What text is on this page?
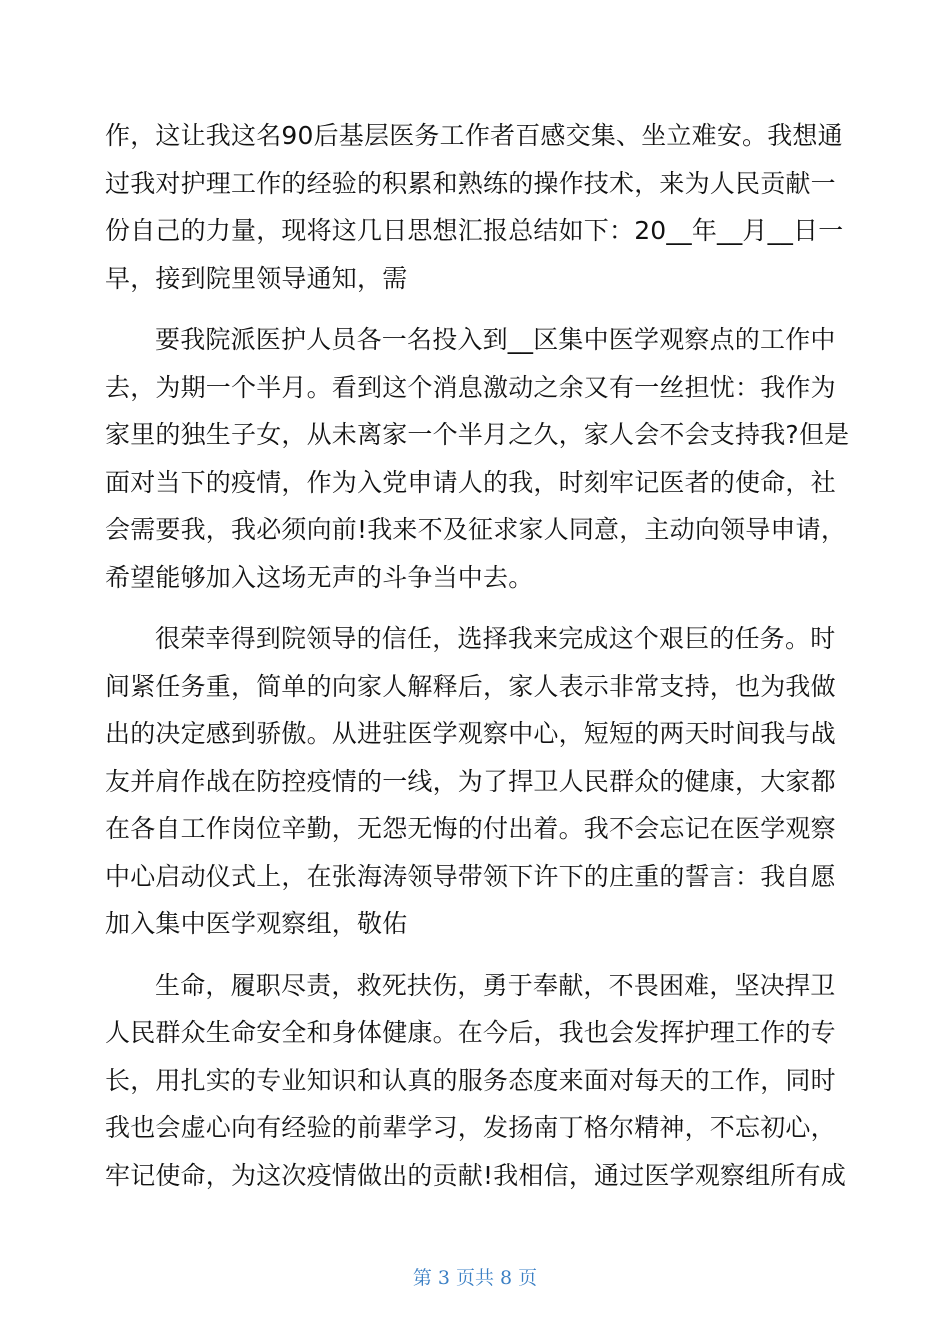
作，这让我这名90后基层医务工作者百感交集、坐立难安。我想通
过我对护理工作的经验的积累和熟练的操作技术，来为人民贡献一
份自己的力量，现将这几日思想汇报总结如下：20__年__月__日一
早，接到院里领导通知，需
要我院派医护人员各一名投入到__区集中医学观察点的工作中
去，为期一个半月。看到这个消息激动之余又有一丝担忧：我作为
家里的独生子女，从未离家一个半月之久，家人会不会支持我?但是
面对当下的疫情，作为入党申请人的我，时刻牢记医者的使命，社
会需要我，我必须向前!我来不及征求家人同意，主动向领导申请，
希望能够加入这场无声的斗争当中去。
很荣幸得到院领导的信任，选择我来完成这个艰巨的任务。时
间紧任务重，简单的向家人解释后，家人表示非常支持，也为我做
出的决定感到骄傲。从进驻医学观察中心，短短的两天时间我与战
友并肩作战在防控疫情的一线，为了捍卫人民群众的健康，大家都
在各自工作岗位辛勤，无怨无悔的付出着。我不会忘记在医学观察
中心启动仪式上，在张海涛领导带领下许下的庄重的誓言：我自愿
加入集中医学观察组，敬佑
生命，履职尽责，救死扶伤，勇于奉献，不畏困难，坚决捍卫
人民群众生命安全和身体健康。在今后，我也会发挥护理工作的专
长，用扎实的专业知识和认真的服务态度来面对每天的工作，同时
我也会虚心向有经验的前辈学习，发扬南丁格尔精神，不忘初心，
牢记使命，为这次疫情做出的贡献!我相信，通过医学观察组所有成
第 3 页共 8 页
